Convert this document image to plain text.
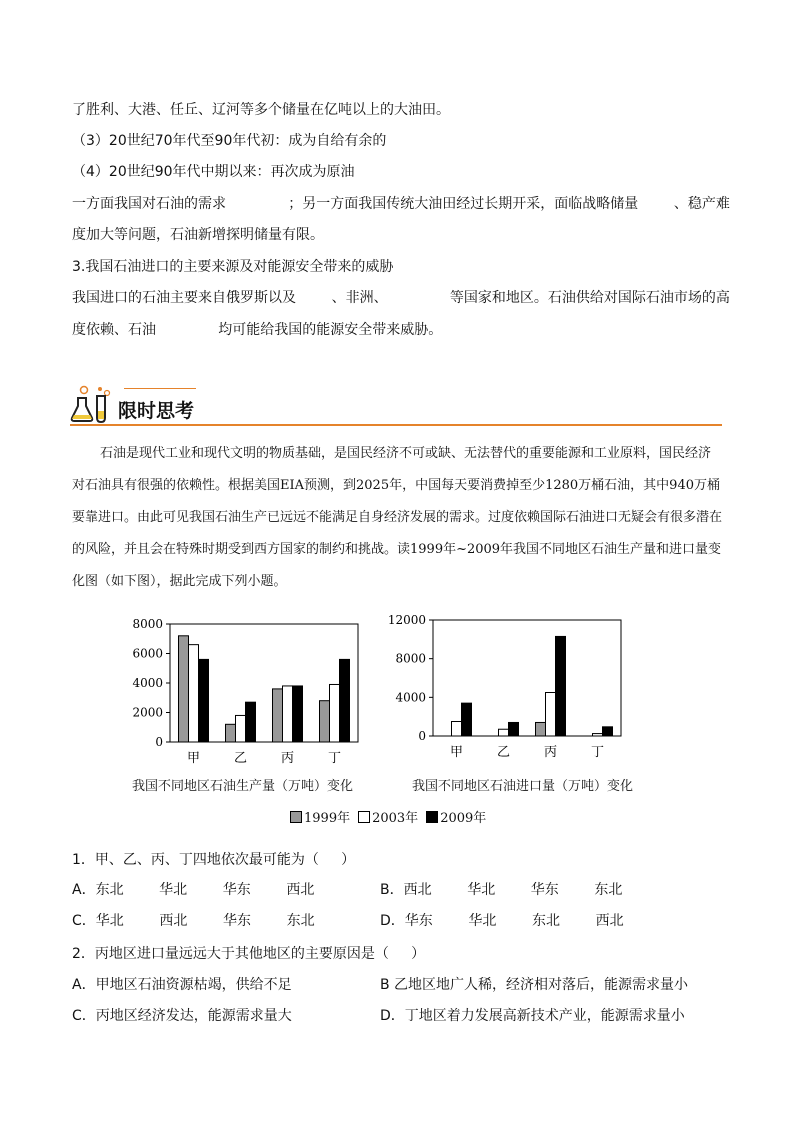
了胜利、大港、任丘、辽河等多个储量在亿吨以上的大油田。
（3）20世纪70年代至90年代初：成为自给有余的
（4）20世纪90年代中期以来：再次成为原油
一方面我国对石油的需求              ；另一方面我国传统大油田经过长期开采，面临战略储量        、稳产难
度加大等问题，石油新增探明储量有限。
3.我国石油进口的主要来源及对能源安全带来的威胁
我国进口的石油主要来自俄罗斯以及        、非洲、              等国家和地区。石油供给对国际石油市场的高
度依赖、石油              均可能给我国的能源安全带来威胁。
限时思考
石油是现代工业和现代文明的物质基础，是国民经济不可或缺、无法替代的重要能源和工业原料，国民经济对石油具有很强的依赖性。根据美国EIA预测，到2025年，中国每天要消费掉至少1280万桶石油，其中940万桶要靠进口。由此可见我国石油生产已远远不能满足自身经济发展的需求。过度依赖国际石油进口无疑会有很多潜在的风险，并且会在特殊时期受到西方国家的制约和挑战。读1999年~2009年我国不同地区石油生产量和进口量变化图（如下图），据此完成下列小题。
0
2000
4000
6000
8000
甲	乙	丙	丁
0
4000
8000
12000
甲	乙	丙	丁
我国不同地区石油生产量（万吨）变化	我国不同地区石油进口量（万吨）变化
1999年 2003年 2009年
1．甲、乙、丙、丁四地依次最可能为（     ）
A．东北        华北        华东        西北	B．西北        华北        华东        东北
C．华北        西北        华东        东北	D．华东        华北        东北        西北
2．丙地区进口量远远大于其他地区的主要原因是（     ）
A．甲地区石油资源枯竭，供给不足	B 乙地区地广人稀，经济相对落后，能源需求量小
C．丙地区经济发达，能源需求量大	D．丁地区着力发展高新技术产业，能源需求量小
